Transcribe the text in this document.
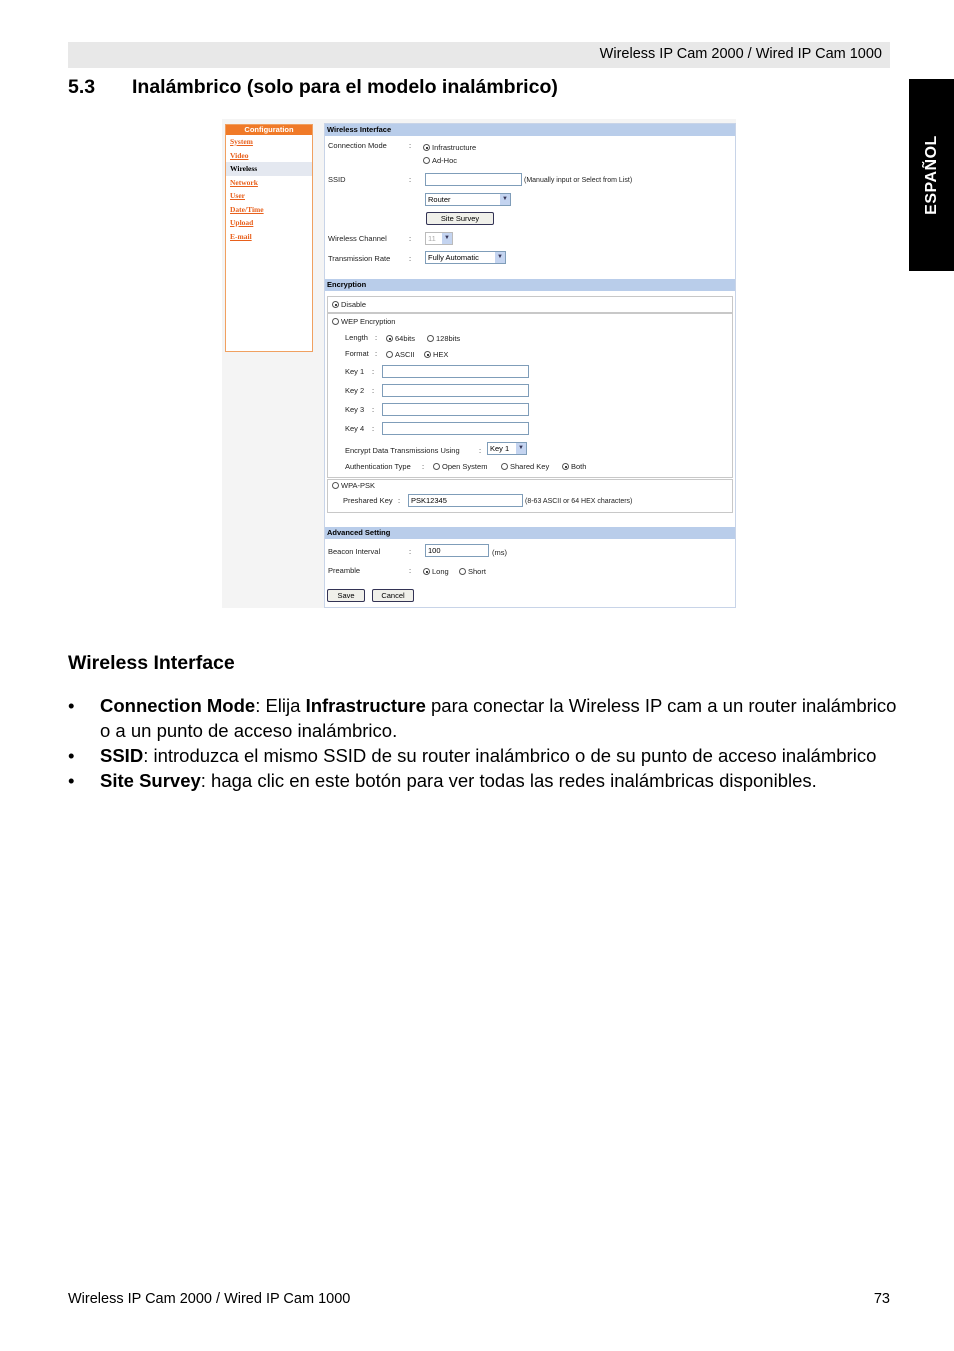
Wireless IP Cam 2000 / Wired IP Cam 1000
ESPAÑOL
5.3 Inalámbrico (solo para el modelo inalámbrico)
Configuration
System
Video
Wireless
Network
User
Date/Time
Upload
E-mail
Wireless Interface
Connection Mode	:	Infrastructure
Ad-Hoc
SSID	:	(Manually input or Select from List)
Router	▼
Site Survey
Wireless Channel	:	11	▼
Transmission Rate	:	Fully Automatic	▼
Encryption
Disable
WEP Encryption
Length :	64bits	128bits
Format :	ASCII	HEX
Key 1 :
Key 2 :
Key 3 :
Key 4 :
Encrypt Data Transmissions Using	:	Key 1	▼
Authentication Type :	Open System	Shared Key	Both
WPA-PSK
Preshared Key :	PSK12345	(8-63 ASCII or 64 HEX characters)
Advanced Setting
Beacon Interval	:	100	(ms)
Preamble	:	Long	Short
Save	Cancel
Wireless Interface
• Connection Mode: Elija Infrastructure para conectar la Wireless IP cam a un router inalámbrico o a un punto de acceso inalámbrico.
• SSID: introduzca el mismo SSID de su router inalámbrico o de su punto de acceso inalámbrico
• Site Survey: haga clic en este botón para ver todas las redes inalámbricas disponibles.
Wireless IP Cam 2000 / Wired IP Cam 1000	73
